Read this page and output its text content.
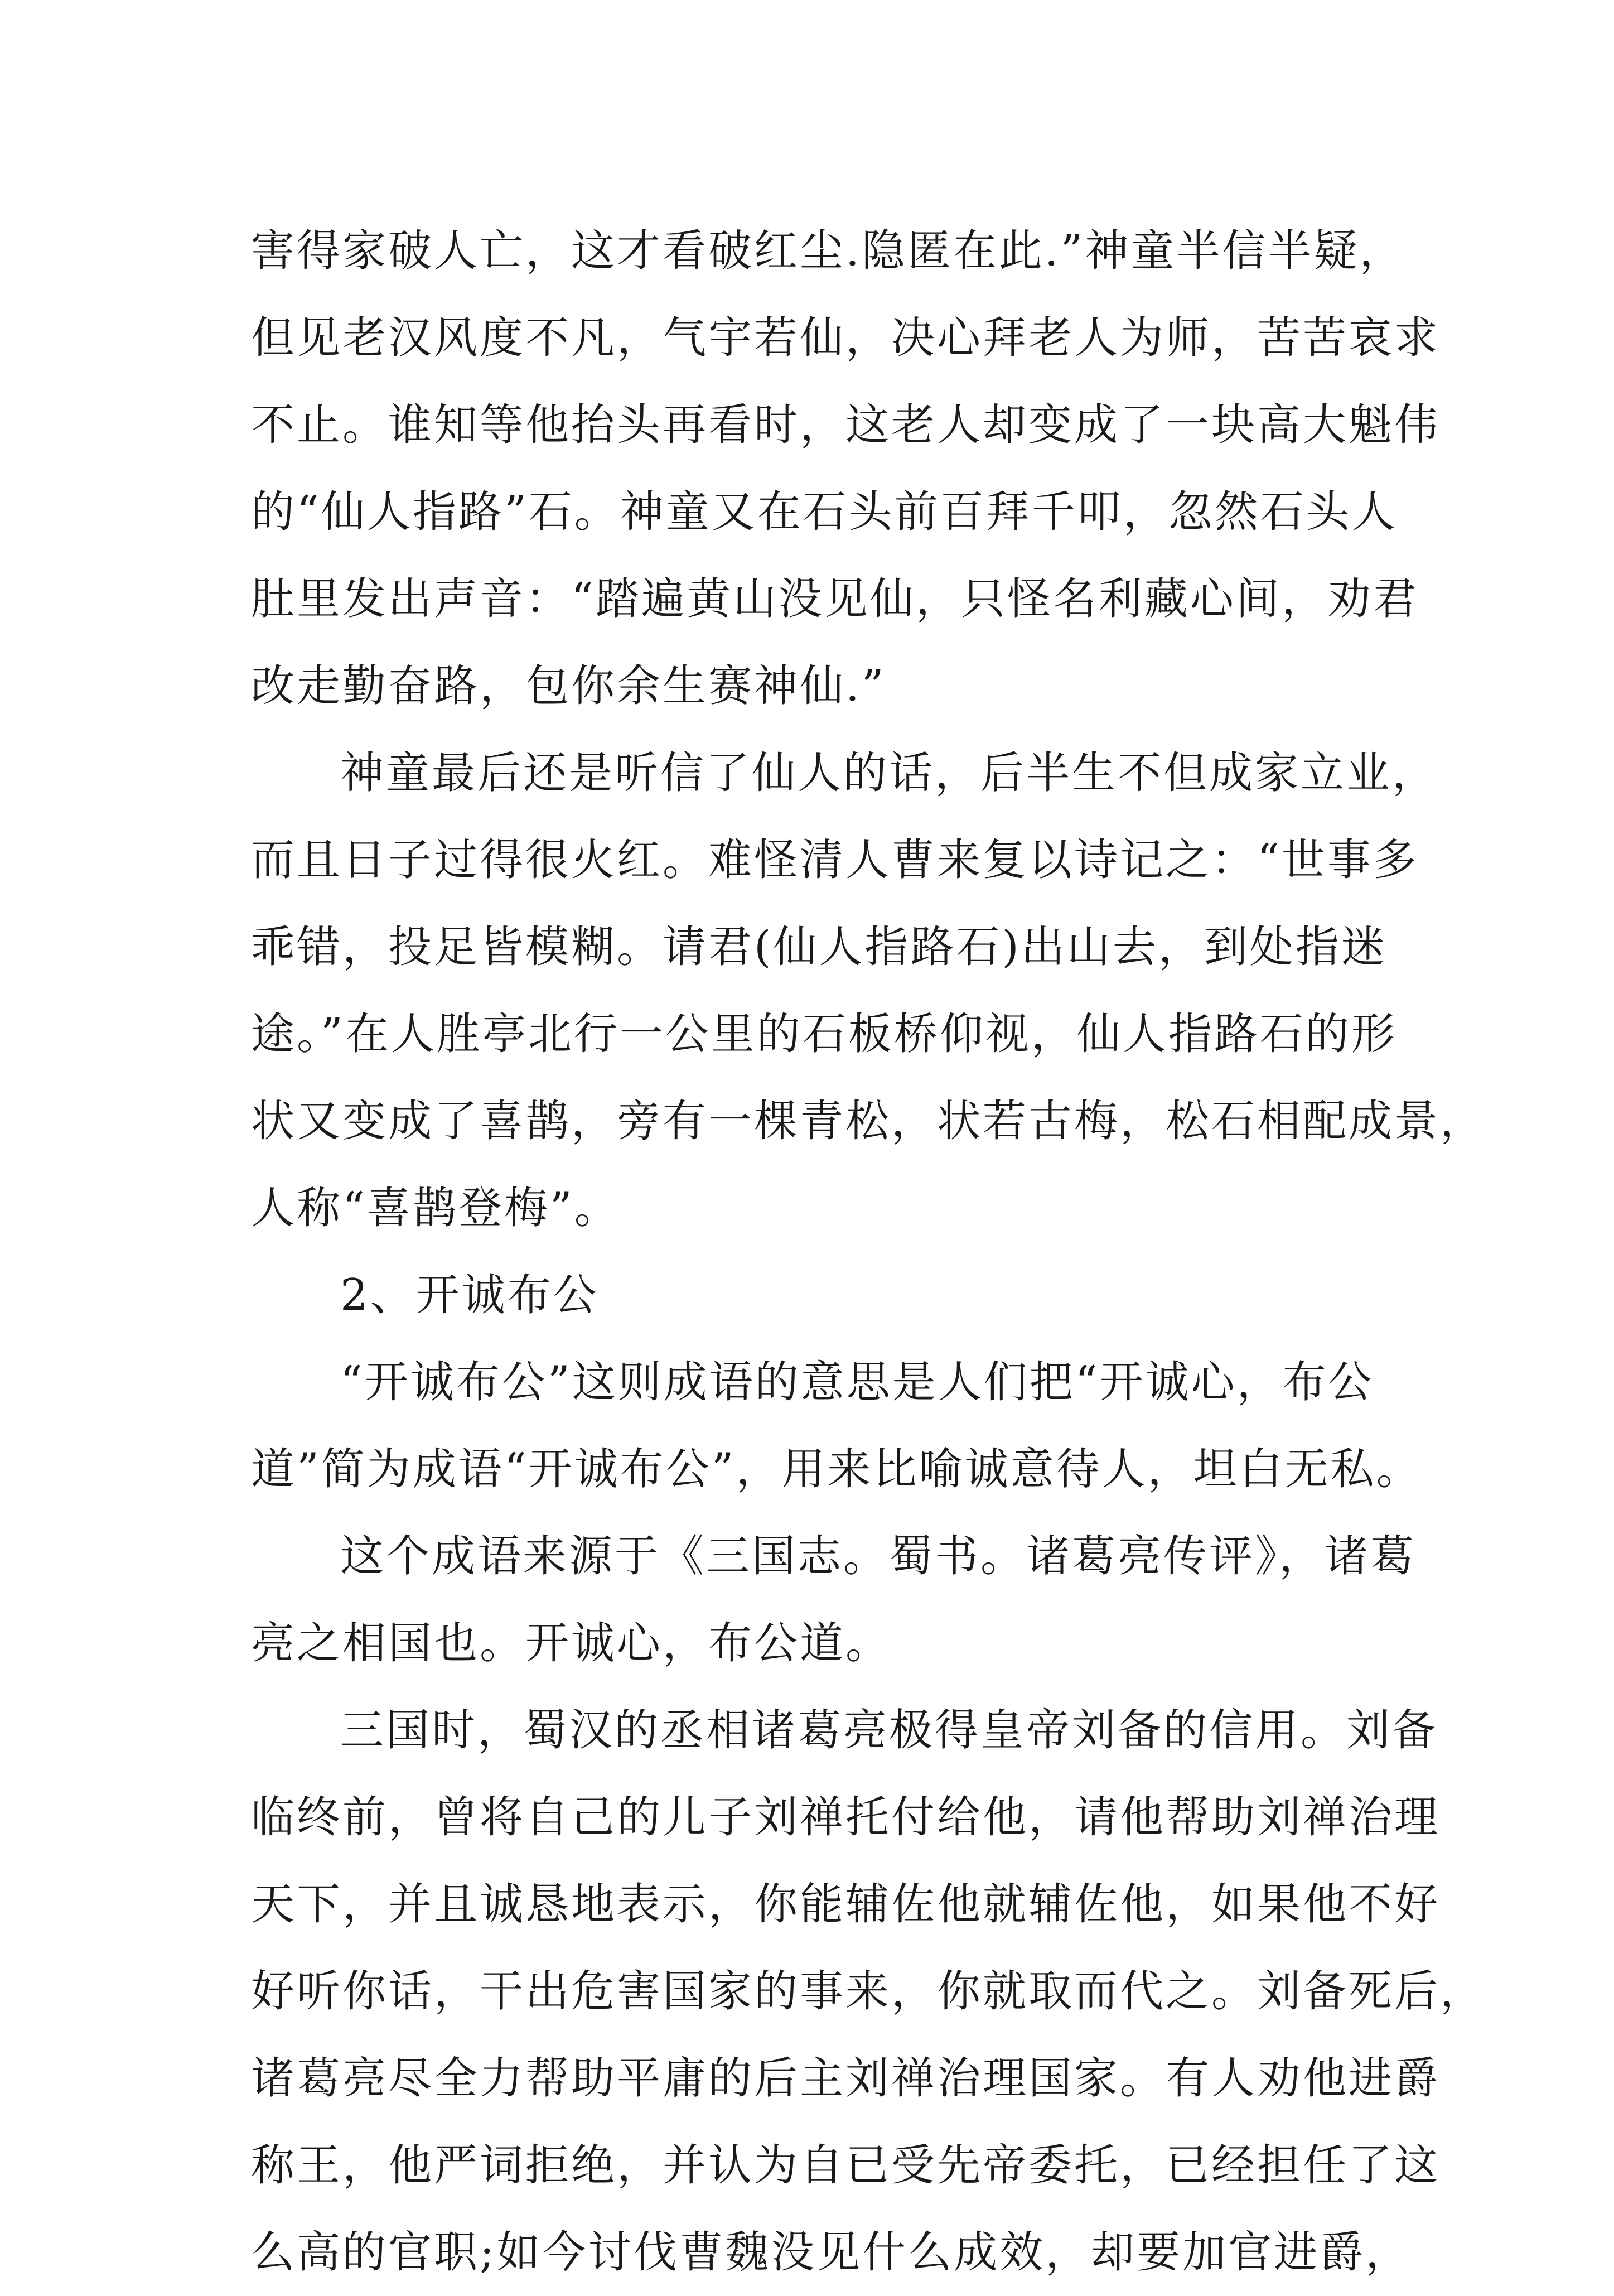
害得家破人亡，这才看破红尘.隐匿在此.”神童半信半疑，
但见老汉风度不凡，气宇若仙，决心拜老人为师，苦苦哀求
不止。谁知等他抬头再看时，这老人却变成了一块高大魁伟
的“仙人指路”石。神童又在石头前百拜千叩，忽然石头人
肚里发出声音：“踏遍黄山没见仙，只怪名利藏心间，劝君
改走勤奋路，包你余生赛神仙.”
神童最后还是听信了仙人的话，后半生不但成家立业，
而且日子过得很火红。难怪清人曹来复以诗记之：“世事多
乖错，投足皆模糊。请君(仙人指路石)出山去，到处指迷
途。”在人胜亭北行一公里的石板桥仰视，仙人指路石的形
状又变成了喜鹊，旁有一棵青松，状若古梅，松石相配成景，
人称“喜鹊登梅”。
2、开诚布公
“开诚布公”这则成语的意思是人们把“开诚心，布公
道”简为成语“开诚布公”，用来比喻诚意待人，坦白无私。
这个成语来源于《三国志。蜀书。诸葛亮传评》，诸葛
亮之相国也。开诚心，布公道。
三国时，蜀汉的丞相诸葛亮极得皇帝刘备的信用。刘备
临终前，曾将自己的儿子刘禅托付给他，请他帮助刘禅治理
天下，并且诚恳地表示，你能辅佐他就辅佐他，如果他不好
好听你话，干出危害国家的事来，你就取而代之。刘备死后，
诸葛亮尽全力帮助平庸的后主刘禅治理国家。有人劝他进爵
称王，他严词拒绝，并认为自已受先帝委托，已经担任了这
么高的官职;如今讨伐曹魏没见什么成效，却要加官进爵，
